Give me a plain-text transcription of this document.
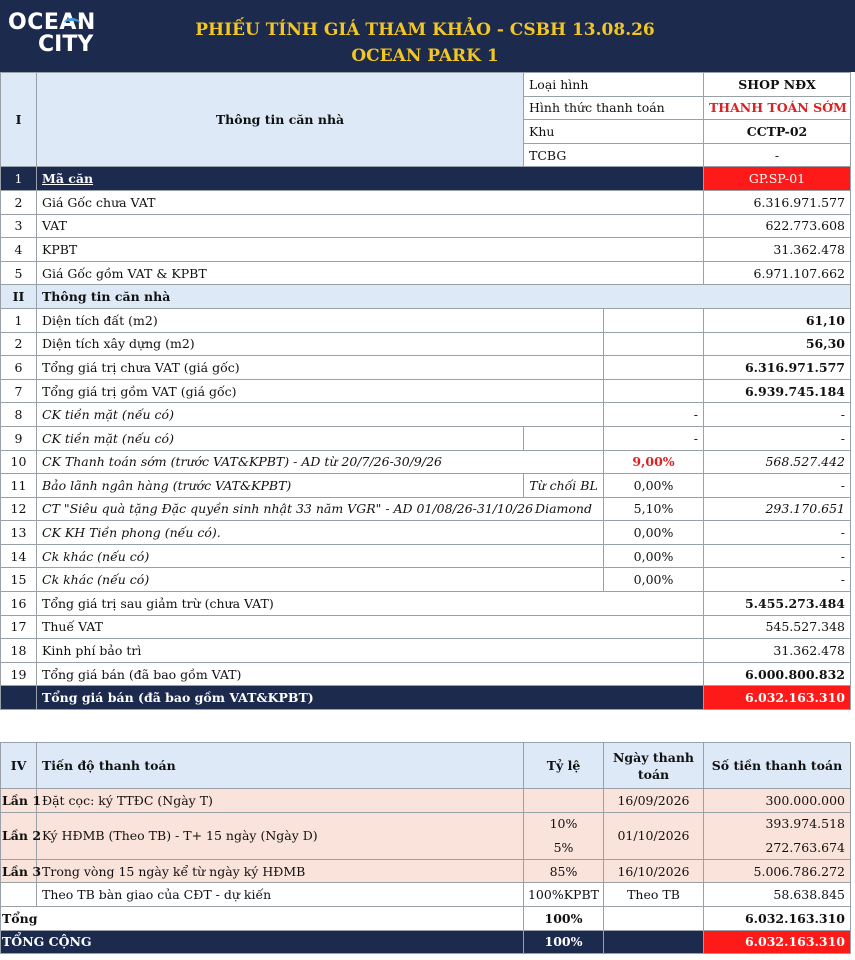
OCEAN
CITY
PHIẾU TÍNH GIÁ THAM KHẢO - CSBH 13.08.26
OCEAN PARK 1
I	Thông tin căn nhà	Loại hình		SHOP NĐX
		Hình thức thanh toán		THANH TOÁN SỚM
		Khu		CCTP-02
		TCBG		-
1	Mã căn			GP.SP-01
2	Giá Gốc chưa VAT			6.316.971.577
3	VAT			622.773.608
4	KPBT			31.362.478
5	Giá Gốc gồm VAT & KPBT			6.971.107.662
II	Thông tin căn nhà			
1	Diện tích đất (m2)			61,10
2	Diện tích xây dựng (m2)			56,30
6	Tổng giá trị chưa VAT (giá gốc)			6.316.971.577
7	Tổng giá trị gồm VAT (giá gốc)			6.939.745.184
8	CK tiền mặt (nếu có)		-	-
9	CK tiền mặt (nếu có)		-	-
10	CK Thanh toán sớm (trước VAT&KPBT) - AD từ 20/7/26-30/9/26		9,00%	568.527.442
11	Bảo lãnh ngân hàng (trước VAT&KPBT)	Từ chối BL	0,00%	-
12	CT "Siêu quà tặng Đặc quyền sinh nhật 33 năm VGR" - AD 01/08/26-31/10/26	Diamond	5,10%	293.170.651
13	CK KH Tiền phong (nếu có).		0,00%	-
14	Ck khác (nếu có)		0,00%	-
15	Ck khác (nếu có)		0,00%	-
16	Tổng giá trị sau giảm trừ (chưa VAT)			5.455.273.484
17	Thuế VAT			545.527.348
18	Kinh phí bảo trì			31.362.478
19	Tổng giá bán (đã bao gồm VAT)			6.000.800.832
	Tổng giá bán (đã bao gồm VAT&KPBT)			6.032.163.310
IV	Tiến độ thanh toán	Tỷ lệ	Ngày thanh
toán	Số tiền thanh toán
Lần 1	Đặt cọc: ký TTĐC (Ngày T)		16/09/2026	300.000.000
Lần 2	Ký HĐMB (Theo TB) - T+ 15 ngày (Ngày D)	10%	01/10/2026	393.974.518
		5%		272.763.674
Lần 3	Trong vòng 15 ngày kể từ ngày ký HĐMB	85%	16/10/2026	5.006.786.272
	Theo TB bàn giao của CĐT - dự kiến	100%KPBT	Theo TB	58.638.845
Tổng		100%		6.032.163.310
TỔNG CỘNG		100%		6.032.163.310
